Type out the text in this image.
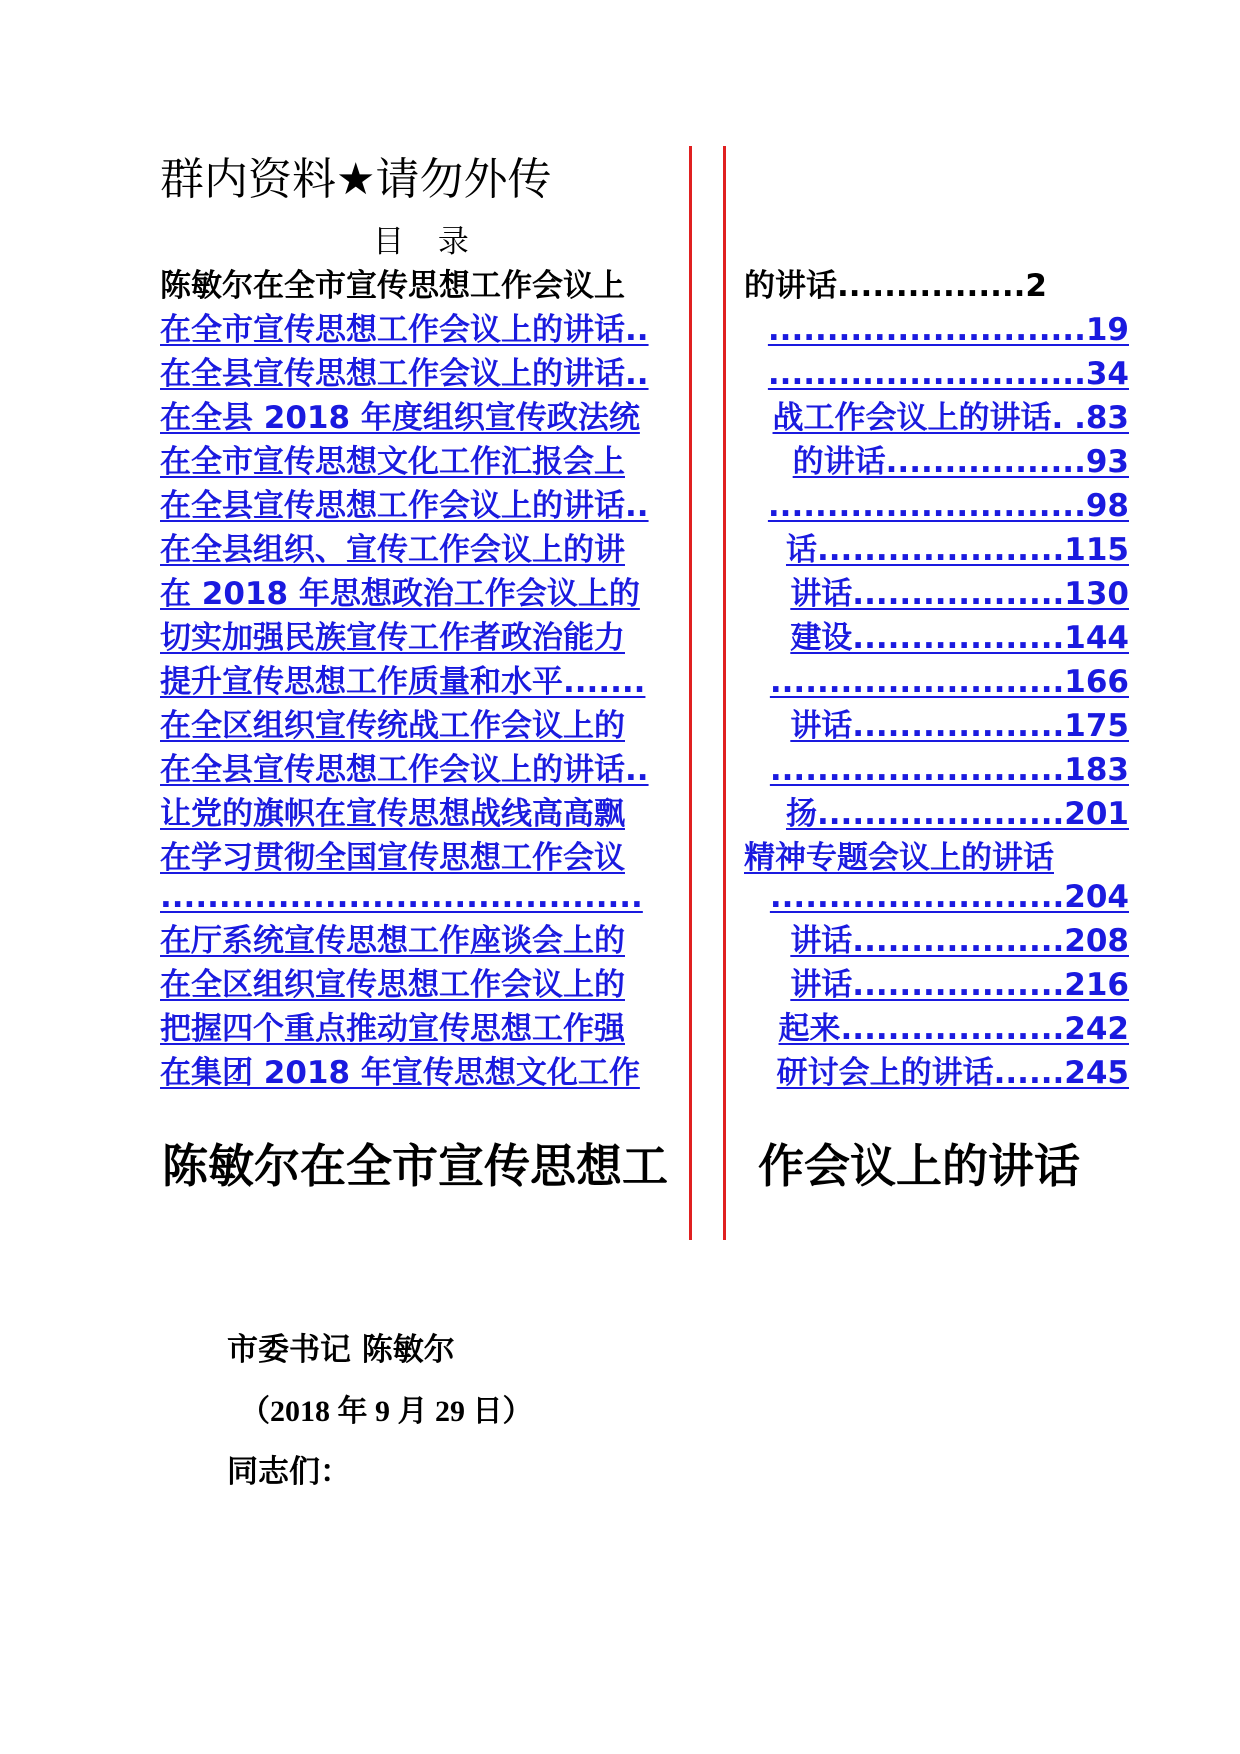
群内资料★请勿外传
目 录
陈敏尔在全市宣传思想工作会议上	的讲话................2
在全市宣传思想工作会议上的讲话..	...........................19
在全县宣传思想工作会议上的讲话..	...........................34
在全县 2018 年度组织宣传政法统	战工作会议上的讲话. .83
在全市宣传思想文化工作汇报会上	的讲话.................93
在全县宣传思想工作会议上的讲话..	...........................98
在全县组织、宣传工作会议上的讲	话.....................115
在 2018 年思想政治工作会议上的	讲话..................130
切实加强民族宣传工作者政治能力	建设..................144
提升宣传思想工作质量和水平.......	.........................166
在全区组织宣传统战工作会议上的	讲话..................175
在全县宣传思想工作会议上的讲话..	.........................183
让党的旗帜在宣传思想战线高高飘	扬.....................201
在学习贯彻全国宣传思想工作会议	精神专题会议上的讲话
.........................................	.........................204
在厅系统宣传思想工作座谈会上的	讲话..................208
在全区组织宣传思想工作会议上的	讲话..................216
把握四个重点推动宣传思想工作强	起来...................242
在集团 2018 年宣传思想文化工作	研讨会上的讲话......245
陈敏尔在全市宣传思想工 作会议上的讲话
市委书记 陈敏尔
（2018 年 9 月 29 日）
同志们：
